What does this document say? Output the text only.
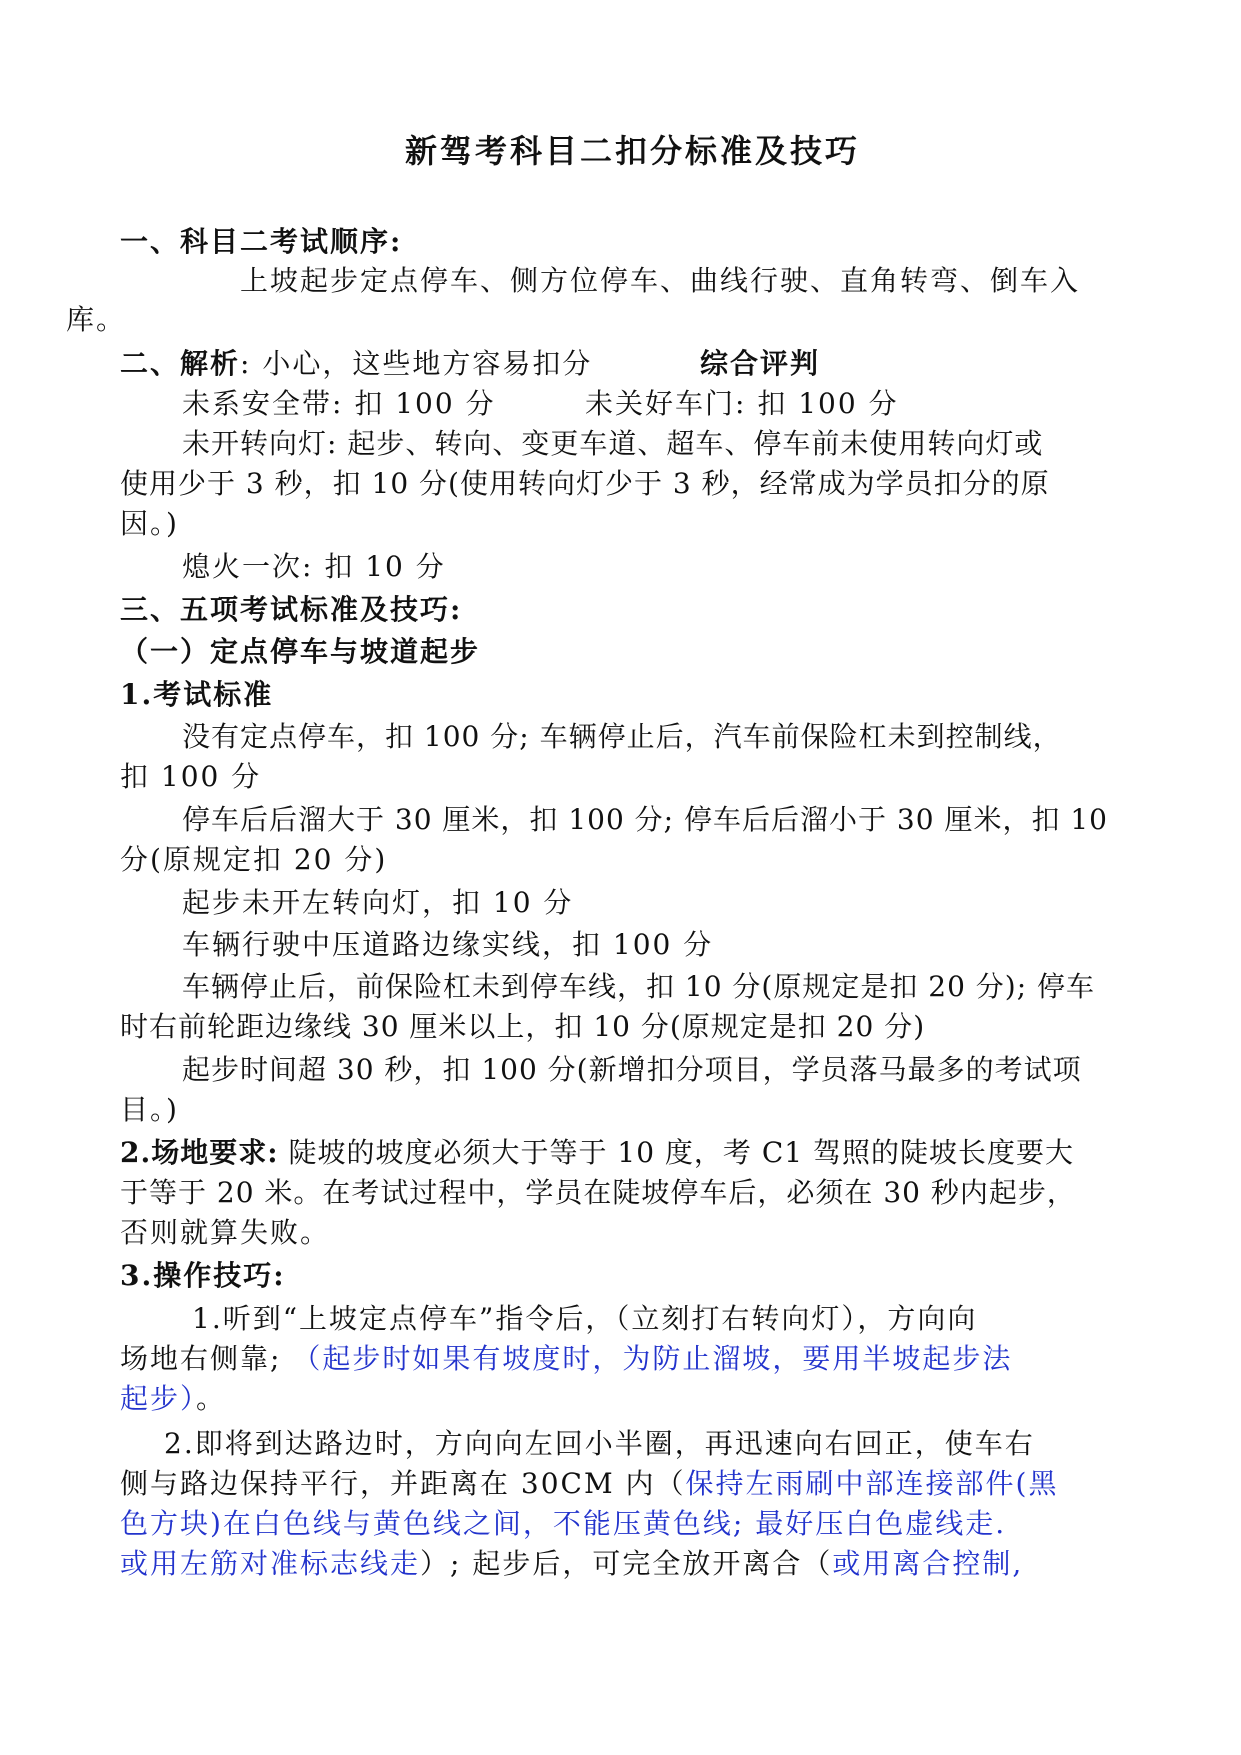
新驾考科目二扣分标准及技巧
一、科目二考试顺序:
上坡起步定点停车、侧方位停车、曲线行驶、直角转弯、倒车入
库。
二、解析: 小心，这些地方容易扣分	综合评判
未系安全带: 扣 100 分	未关好车门: 扣 100 分
未开转向灯: 起步、转向、变更车道、超车、停车前未使用转向灯或
使用少于 3 秒，扣 10 分(使用转向灯少于 3 秒，经常成为学员扣分的原
因。)
熄火一次: 扣 10 分
三、五项考试标准及技巧:
（一）定点停车与坡道起步
1.考试标准
没有定点停车，扣 100 分; 车辆停止后，汽车前保险杠未到控制线，
扣 100 分
停车后后溜大于 30 厘米，扣 100 分; 停车后后溜小于 30 厘米，扣 10
分(原规定扣 20 分)
起步未开左转向灯，扣 10 分
车辆行驶中压道路边缘实线，扣 100 分
车辆停止后，前保险杠未到停车线，扣 10 分(原规定是扣 20 分); 停车
时右前轮距边缘线 30 厘米以上，扣 10 分(原规定是扣 20 分)
起步时间超 30 秒，扣 100 分(新增扣分项目，学员落马最多的考试项
目。)
2.场地要求: 陡坡的坡度必须大于等于 10 度，考 C1 驾照的陡坡长度要大
于等于 20 米。在考试过程中，学员在陡坡停车后，必须在 30 秒内起步，
否则就算失败。
3.操作技巧:
1.听到“上坡定点停车”指令后，（立刻打右转向灯），方向向
场地右侧靠; （起步时如果有坡度时，为防止溜坡，要用半坡起步法
起步）。
2.即将到达路边时，方向向左回小半圈，再迅速向右回正，使车右
侧与路边保持平行，并距离在 30CM 内（保持左雨刷中部连接部件(黑
色方块)在白色线与黄色线之间，不能压黄色线; 最好压白色虚线走.
或用左筋对准标志线走）; 起步后，可完全放开离合（或用离合控制,
